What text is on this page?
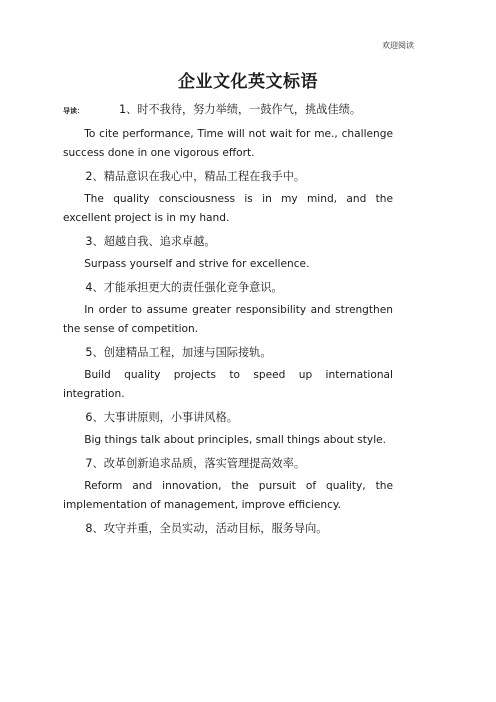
欢迎阅读
企业文化英文标语
导读：	1、时不我待，努力举绩，一鼓作气，挑战佳绩。

To cite performance, Time will not wait for me., challenge success done in one vigorous effort.

2、精品意识在我心中，精品工程在我手中。

The quality consciousness is in my mind, and the excellent project is in my hand.

3、超越自我、追求卓越。

Surpass yourself and strive for excellence.

4、才能承担更大的责任强化竞争意识。

In order to assume greater responsibility and strengthen the sense of competition.

5、创建精品工程，加速与国际接轨。

Build quality projects to speed up international integration.

6、大事讲原则，小事讲风格。

Big things talk about principles, small things about style.

7、改革创新追求品质，落实管理提高效率。

Reform and innovation, the pursuit of quality, the implementation of management, improve efficiency.

8、攻守并重，全员实动，活动目标，服务导向。
